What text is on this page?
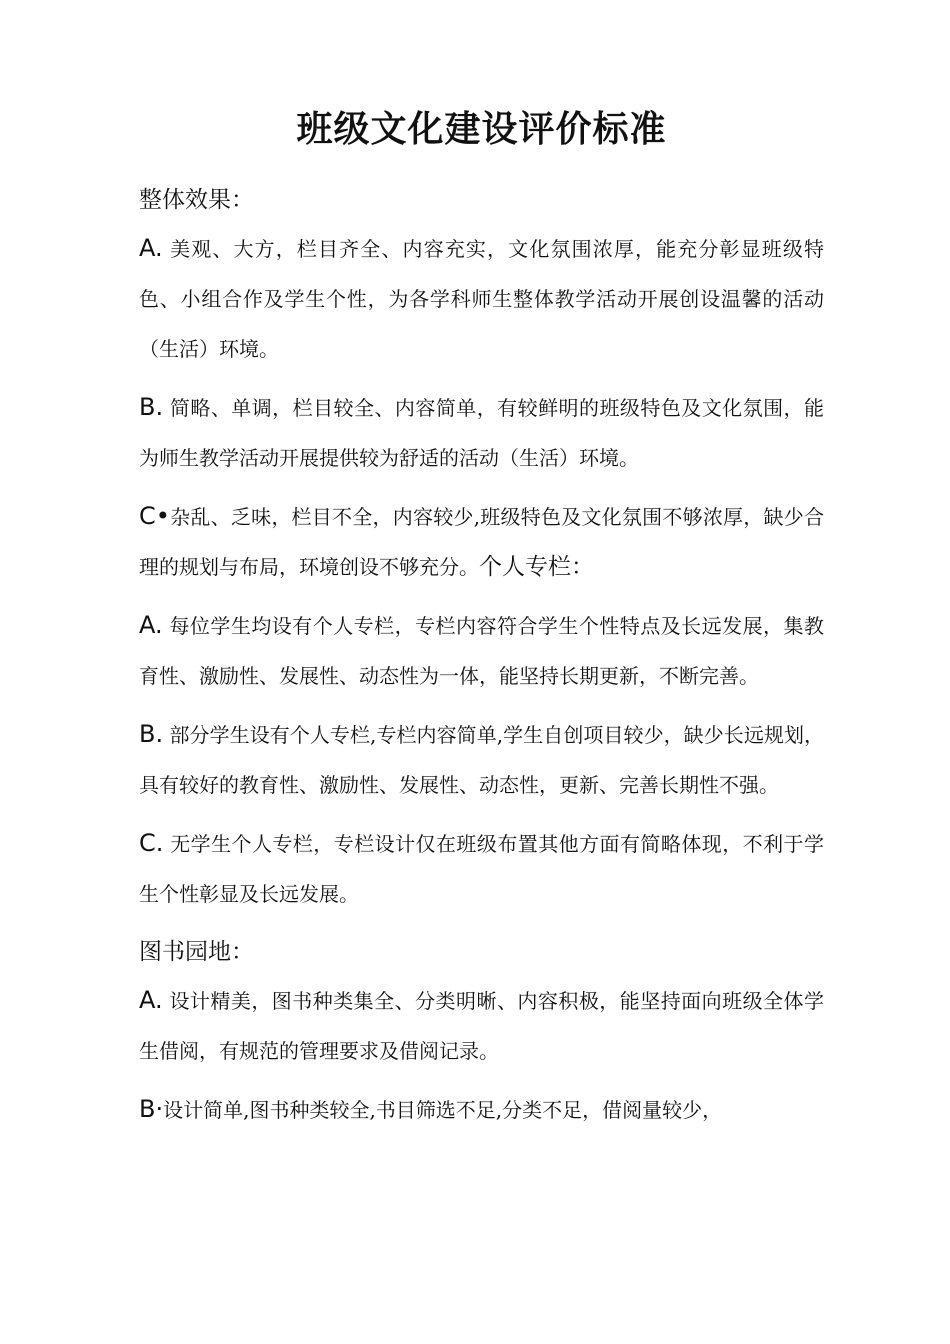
班级文化建设评价标准
整体效果：

A. 美观、大方，栏目齐全、内容充实，文化氛围浓厚，能充分彰显班级特色、小组合作及学生个性，为各学科师生整体教学活动开展创设温馨的活动（生活）环境。

B. 简略、单调，栏目较全、内容简单，有较鲜明的班级特色及文化氛围，能为师生教学活动开展提供较为舒适的活动（生活）环境。

C•杂乱、乏味，栏目不全，内容较少,班级特色及文化氛围不够浓厚，缺少合理的规划与布局，环境创设不够充分。个人专栏：

A. 每位学生均设有个人专栏，专栏内容符合学生个性特点及长远发展，集教育性、激励性、发展性、动态性为一体，能坚持长期更新，不断完善。

B. 部分学生设有个人专栏,专栏内容简单,学生自创项目较少，缺少长远规划，具有较好的教育性、激励性、发展性、动态性，更新、完善长期性不强。

C. 无学生个人专栏，专栏设计仅在班级布置其他方面有简略体现，不利于学生个性彰显及长远发展。

图书园地：

A. 设计精美，图书种类集全、分类明晰、内容积极，能坚持面向班级全体学生借阅，有规范的管理要求及借阅记录。

B·设计简单,图书种类较全,书目筛选不足,分类不足，借阅量较少，
